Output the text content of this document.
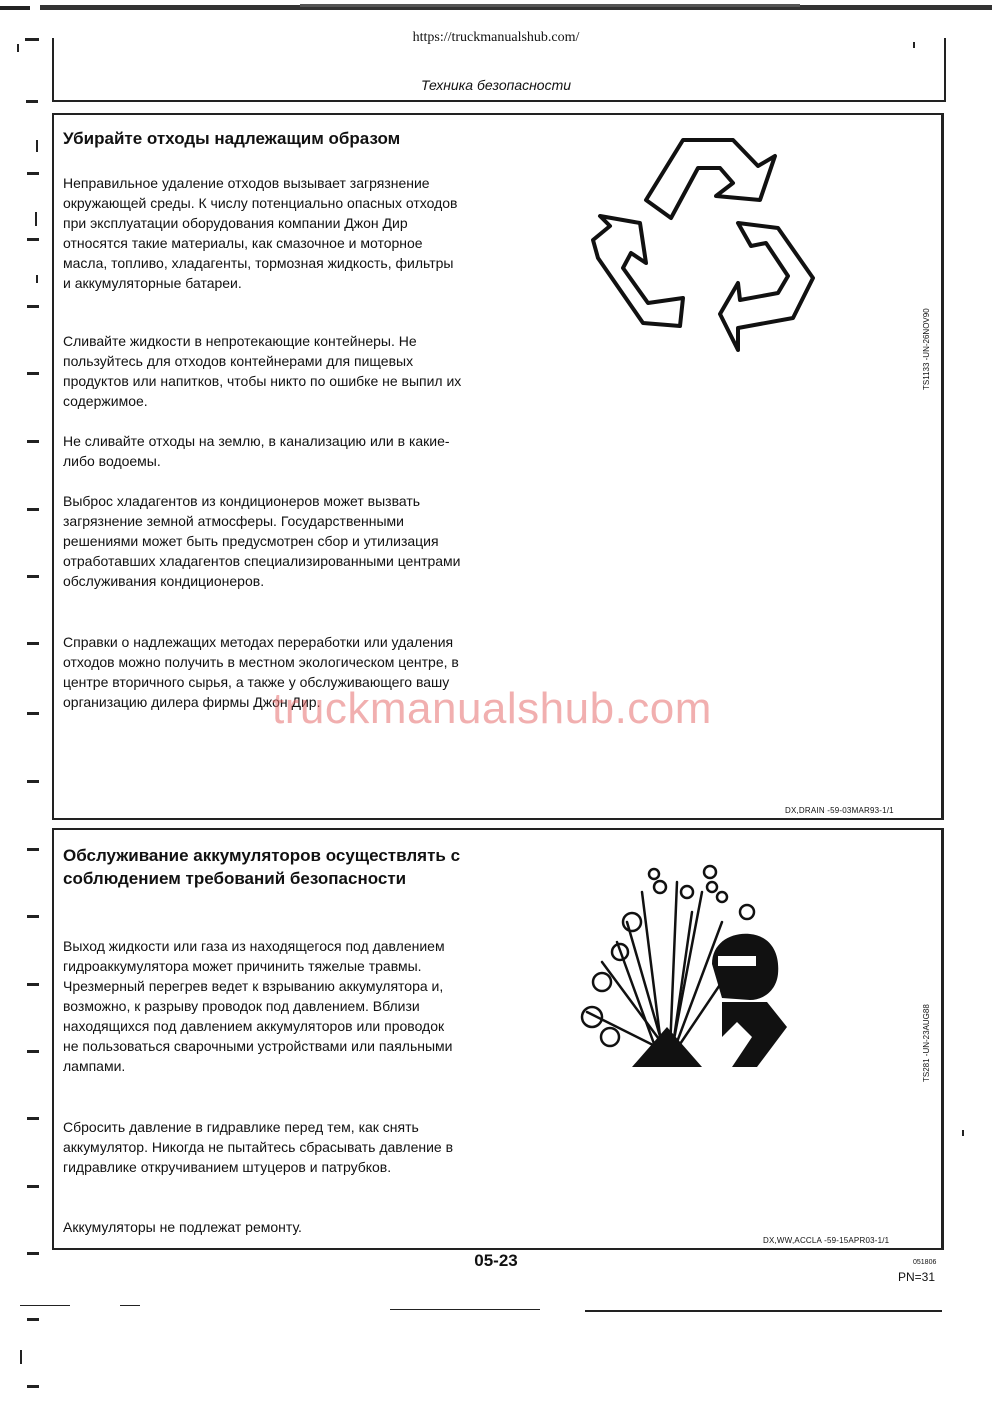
https://truckmanualshub.com/
Техника безопасности
Убирайте отходы надлежащим образом

Неправильное удаление отходов вызывает загрязнение окружающей среды. К числу потенциально опасных отходов при эксплуатации оборудования компании Джон Дир относятся такие материалы, как смазочное и моторное масла, топливо, хладагенты, тормозная жидкость, фильтры и аккумуляторные батареи.

Сливайте жидкости в непротекающие контейнеры. Не пользуйтесь для отходов контейнерами для пищевых продуктов или напитков, чтобы никто по ошибке не выпил их содержимое.

Не сливайте отходы на землю, в канализацию или в какие-либо водоемы.

Выброс хладагентов из кондиционеров может вызвать загрязнение земной атмосферы. Государственными решениями может быть предусмотрен сбор и утилизация отработавших хладагентов специализированными центрами обслуживания кондиционеров.

Справки о надлежащих методах переработки или удаления отходов можно получить в местном экологическом центре, в центре вторичного сырья, а также у обслуживающего вашу организацию дилера фирмы Джон Дир.

TS1133 -UN-26NOV90
DX,DRAIN -59-03MAR93-1/1
truckmanualshub.com
Обслуживание аккумуляторов осуществлять с соблюдением требований безопасности

Выход жидкости или газа из находящегося под давлением гидроаккумулятора может причинить тяжелые травмы. Чрезмерный перегрев ведет к взрыванию аккумулятора и, возможно, к разрыву проводок под давлением. Вблизи находящихся под давлением аккумуляторов или проводок не пользоваться сварочными устройствами или паяльными лампами.

Сбросить давление в гидравлике перед тем, как снять аккумулятор. Никогда не пытайтесь сбрасывать давление в гидравлике откручиванием штуцеров и патрубков.

Аккумуляторы не подлежат ремонту.

TS281 -UN-23AUG88
DX,WW,ACCLA -59-15APR03-1/1
05-23	051806
PN=31
